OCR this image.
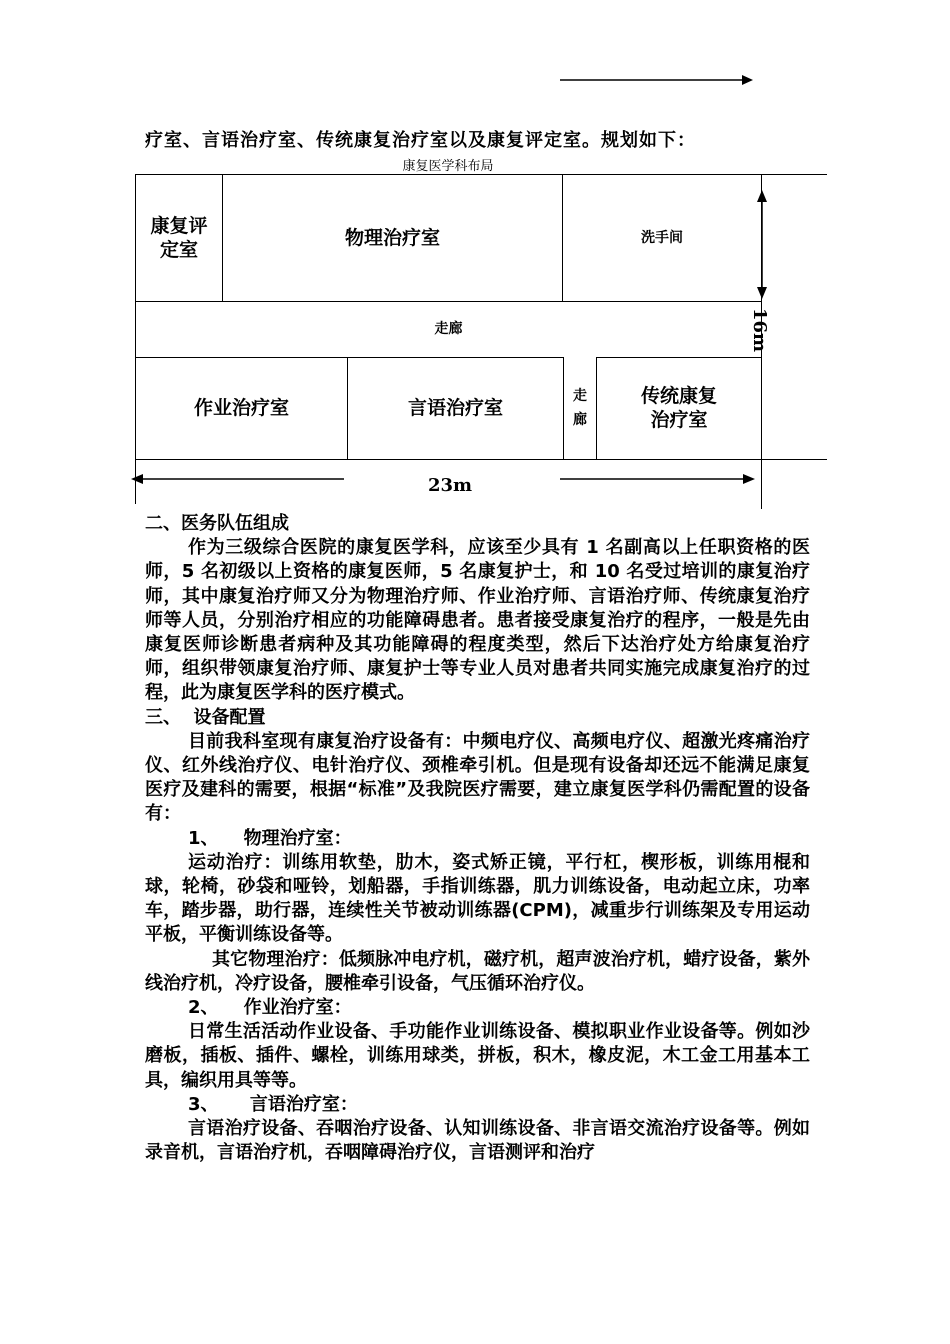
疗室、言语治疗室、传统康复治疗室以及康复评定室。规划如下：
康复医学科布局
康复评
定室
物理治疗室	洗手间
走廊
作业治疗室	言语治疗室
走
廊
传统康复
治疗室
16m
23m

二、医务队伍组成

作为三级综合医院的康复医学科，应该至少具有 1 名副高以上任职资格的医师，5 名初级以上资格的康复医师，5 名康复护士，和 10 名受过培训的康复治疗师，其中康复治疗师又分为物理治疗师、作业治疗师、言语治疗师、传统康复治疗师等人员，分别治疗相应的功能障碍患者。患者接受康复治疗的程序，一般是先由康复医师诊断患者病种及其功能障碍的程度类型，然后下达治疗处方给康复治疗师，组织带领康复治疗师、康复护士等专业人员对患者共同实施完成康复治疗的过程，此为康复医学科的医疗模式。

三、  设备配置

目前我科室现有康复治疗设备有：中频电疗仪、高频电疗仪、超激光疼痛治疗仪、红外线治疗仪、电针治疗仪、颈椎牵引机。但是现有设备却还远不能满足康复医疗及建科的需要，根据“标准”及我院医疗需要，建立康复医学科仍需配置的设备有：

1、    物理治疗室：

运动治疗：训练用软垫，肋木，姿式矫正镜，平行杠，楔形板，训练用棍和球，轮椅，砂袋和哑铃，划船器，手指训练器，肌力训练设备，电动起立床，功率车，踏步器，助行器，连续性关节被动训练器(CPM)，减重步行训练架及专用运动平板，平衡训练设备等。

其它物理治疗：低频脉冲电疗机，磁疗机，超声波治疗机，蜡疗设备，紫外线治疗机，冷疗设备，腰椎牵引设备，气压循环治疗仪。

2、    作业治疗室：

日常生活活动作业设备、手功能作业训练设备、模拟职业作业设备等。例如沙磨板，插板、插件、螺栓，训练用球类，拼板，积木，橡皮泥，木工金工用基本工具，编织用具等等。

3、     言语治疗室：

言语治疗设备、吞咽治疗设备、认知训练设备、非言语交流治疗设备等。例如录音机，言语治疗机，吞咽障碍治疗仪，言语测评和治疗
